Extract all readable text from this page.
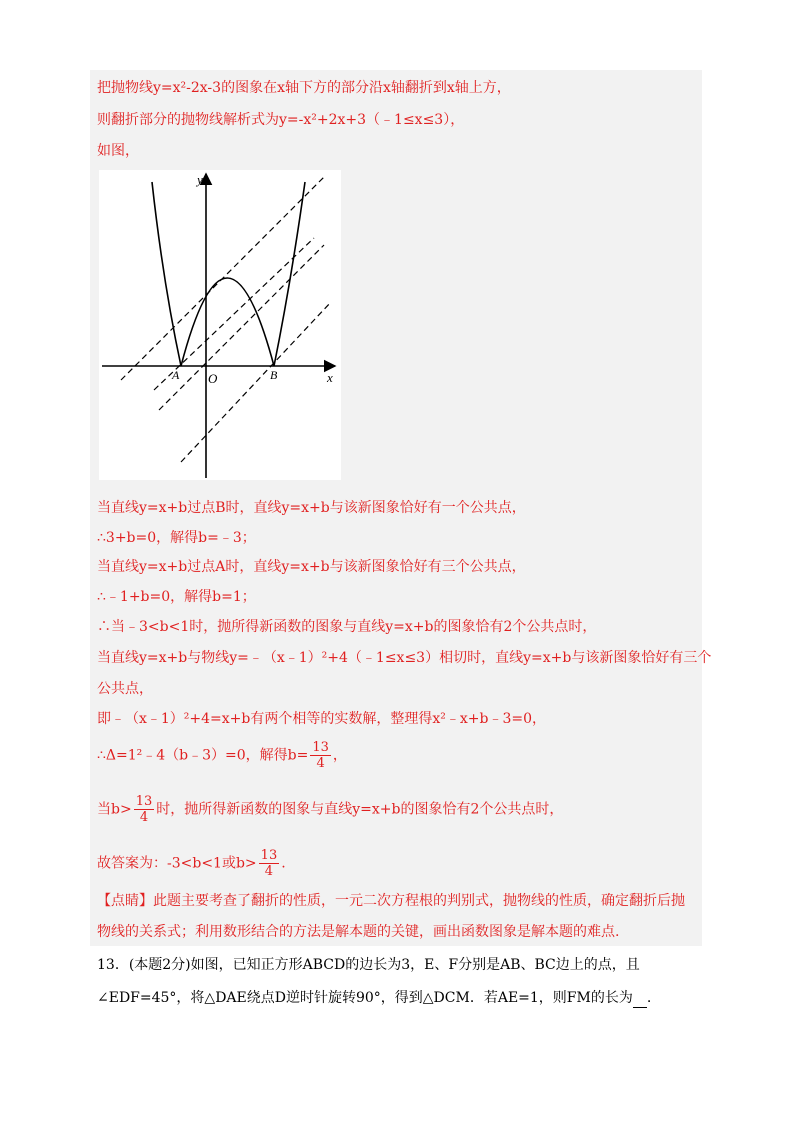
把抛物线y=x²-2x-3的图象在x轴下方的部分沿x轴翻折到x轴上方，
则翻折部分的抛物线解析式为y=-x²+2x+3（﹣1≤x≤3），
如图，
y
x
O
A	B
当直线y=x+b过点B时，直线y=x+b与该新图象恰好有一个公共点，
∴3+b=0，解得b=﹣3；
当直线y=x+b过点A时，直线y=x+b与该新图象恰好有三个公共点，
∴﹣1+b=0，解得b=1；
∴当﹣3<b<1时，抛所得新函数的图象与直线y=x+b的图象恰有2个公共点时，
当直线y=x+b与物线y=﹣（x﹣1）²+4（﹣1≤x≤3）相切时，直线y=x+b与该新图象恰好有三个
公共点，
即﹣（x﹣1）²+4=x+b有两个相等的实数解，整理得x²﹣x+b﹣3=0，
∴Δ=1²﹣4（b﹣3）=0，解得$b= \frac{13}{4}$ ，
当$b> \frac{13}{4}$ 时，抛所得新函数的图象与直线y=x+b的图象恰有2个公共点时，
故答案为：-3<b<1或$b> \frac{13}{4}$ .
【点睛】此题主要考查了翻折的性质，一元二次方程根的判别式，抛物线的性质，确定翻折后抛
物线的关系式；利用数形结合的方法是解本题的关键，画出函数图象是解本题的难点.
13．(本题2分)如图，已知正方形ABCD的边长为3，E、F分别是AB、BC边上的点，且
∠EDF=45°，将△DAE绕点D逆时针旋转90°，得到△DCM．若AE=1，则FM的长为 .
